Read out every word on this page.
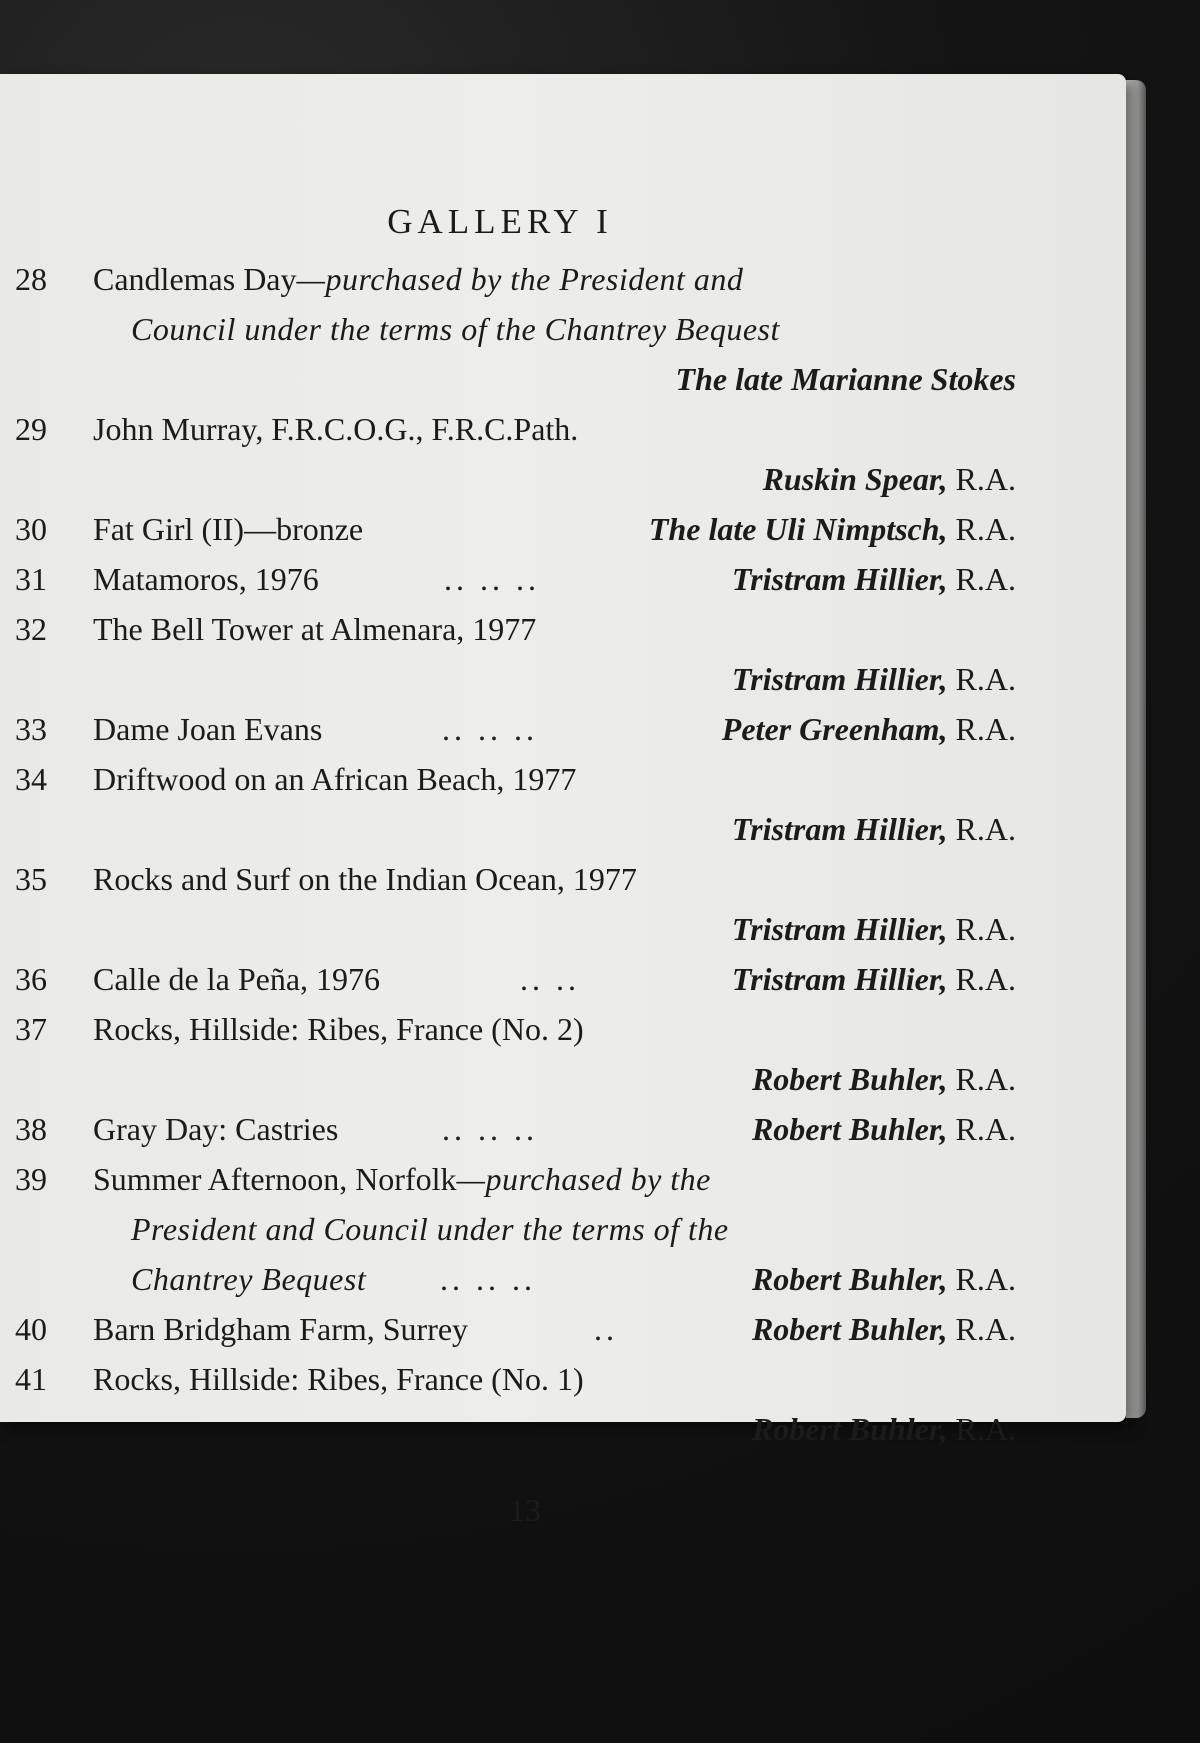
GALLERY I
28	Candlemas Day—purchased by the President and
Council under the terms of the Chantrey Bequest
The late Marianne Stokes
29	John Murray, F.R.C.O.G., F.R.C.Path.
Ruskin Spear, R.A.
30	Fat Girl (II)—bronze	The late Uli Nimptsch, R.A.
31	Matamoros, 1976	.. .. ..	Tristram Hillier, R.A.
32	The Bell Tower at Almenara, 1977
Tristram Hillier, R.A.
33	Dame Joan Evans	.. .. ..	Peter Greenham, R.A.
34	Driftwood on an African Beach, 1977
Tristram Hillier, R.A.
35	Rocks and Surf on the Indian Ocean, 1977
Tristram Hillier, R.A.
36	Calle de la Peña, 1976	.. ..	Tristram Hillier, R.A.
37	Rocks, Hillside: Ribes, France (No. 2)
Robert Buhler, R.A.
38	Gray Day: Castries	.. .. ..	Robert Buhler, R.A.
39	Summer Afternoon, Norfolk—purchased by the
President and Council under the terms of the
Chantrey Bequest .. .. ..	Robert Buhler, R.A.
40	Barn Bridgham Farm, Surrey	..	Robert Buhler, R.A.
41	Rocks, Hillside: Ribes, France (No. 1)
Robert Buhler, R.A.
13
